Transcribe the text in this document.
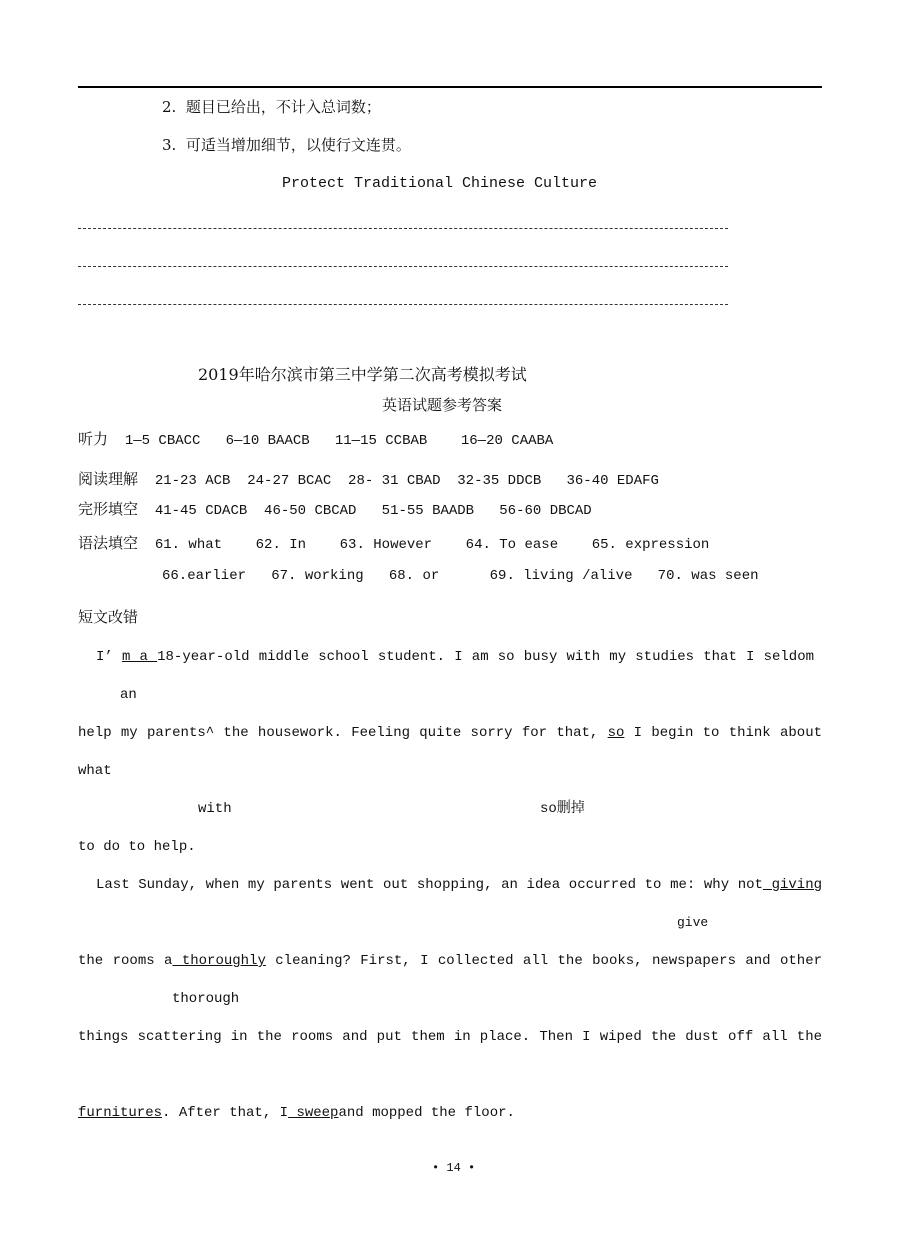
2.  题目已给出，不计入总词数；
3.  可适当增加细节，以使行文连贯。
Protect Traditional Chinese Culture
2019年哈尔滨市第三中学第二次高考模拟考试
英语试题参考答案
听力 1—5 CBACC   6—10 BAACB   11—15 CCBAB    16—20 CAABA
阅读理解 21-23 ACB  24-27 BCAC  28- 31 CBAD  32-35 DDCB   36-40 EDAFG
完形填空 41-45 CDACB  46-50 CBCAD   51-55 BAADB   56-60 DBCAD
语法填空 61. what    62. In    63. However    64. To ease    65. expression
66.earlier   67. working   68. or      69. living /alive   70. was seen
短文改错
I’ m a 18-year-old middle school student. I am so busy with my studies that I seldom
an
help my parents^ the housework. Feeling quite sorry for that, so I begin to think about
what
with	so删掉
to do to help.
Last Sunday, when my parents went out shopping, an idea occurred to me: why not giving
give
the rooms a thoroughly cleaning? First, I collected all the books, newspapers and other
thorough
things scattering in the rooms and put them in place. Then I wiped the dust off all the
furnitures. After that, I sweepand mopped the floor.
• 14 •
